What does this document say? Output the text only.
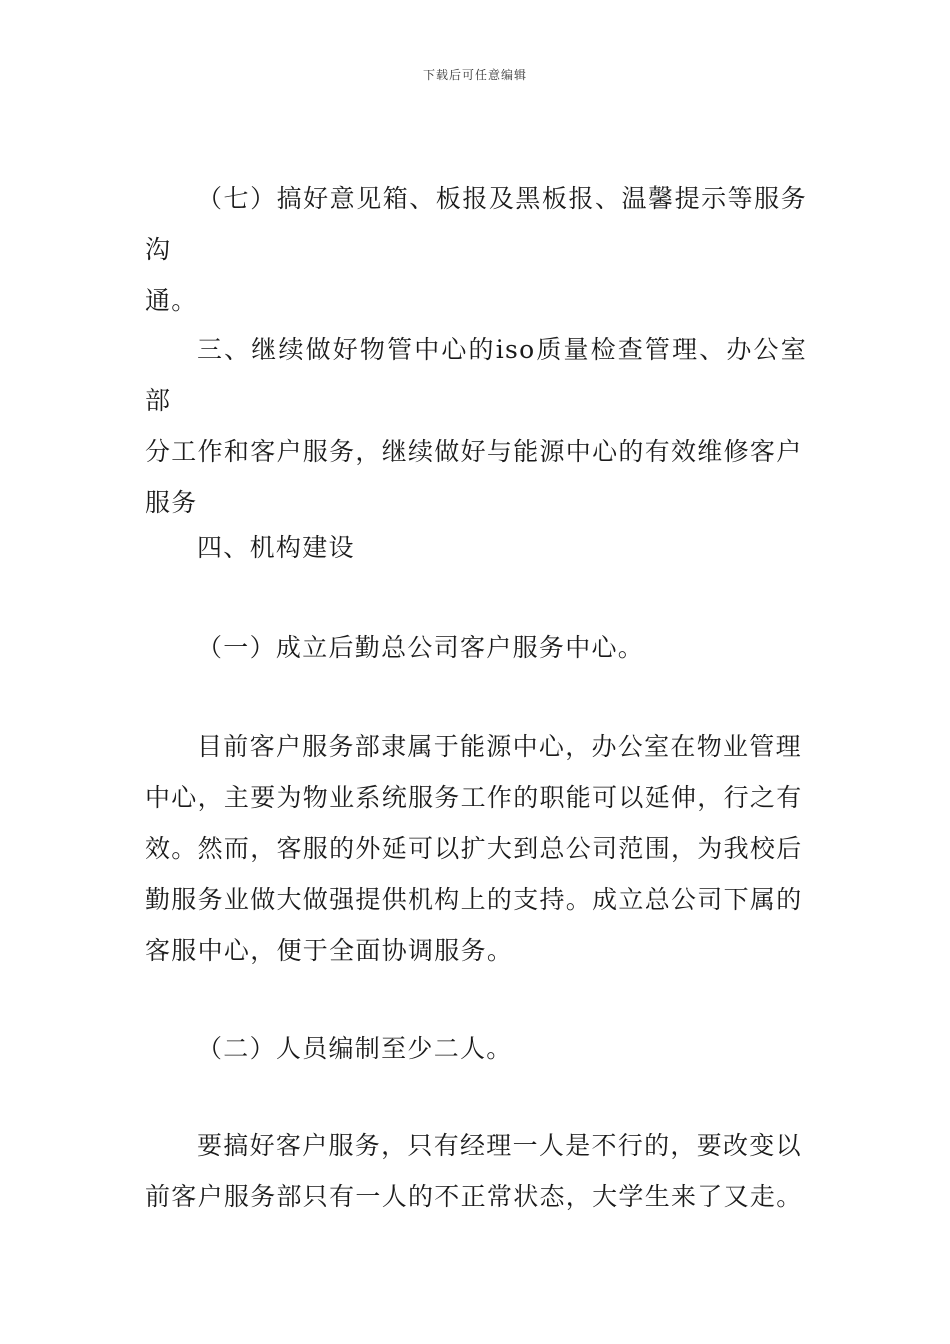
下载后可任意编辑
（七）搞好意见箱、板报及黑板报、温馨提示等服务沟
通。
三、继续做好物管中心的iso质量检查管理、办公室部
分工作和客户服务，继续做好与能源中心的有效维修客户
服务
四、机构建设
（一）成立后勤总公司客户服务中心。
目前客户服务部隶属于能源中心，办公室在物业管理
中心，主要为物业系统服务工作的职能可以延伸，行之有
效。然而，客服的外延可以扩大到总公司范围，为我校后
勤服务业做大做强提供机构上的支持。成立总公司下属的
客服中心，便于全面协调服务。
（二）人员编制至少二人。
要搞好客户服务，只有经理一人是不行的，要改变以
前客户服务部只有一人的不正常状态，大学生来了又走。
